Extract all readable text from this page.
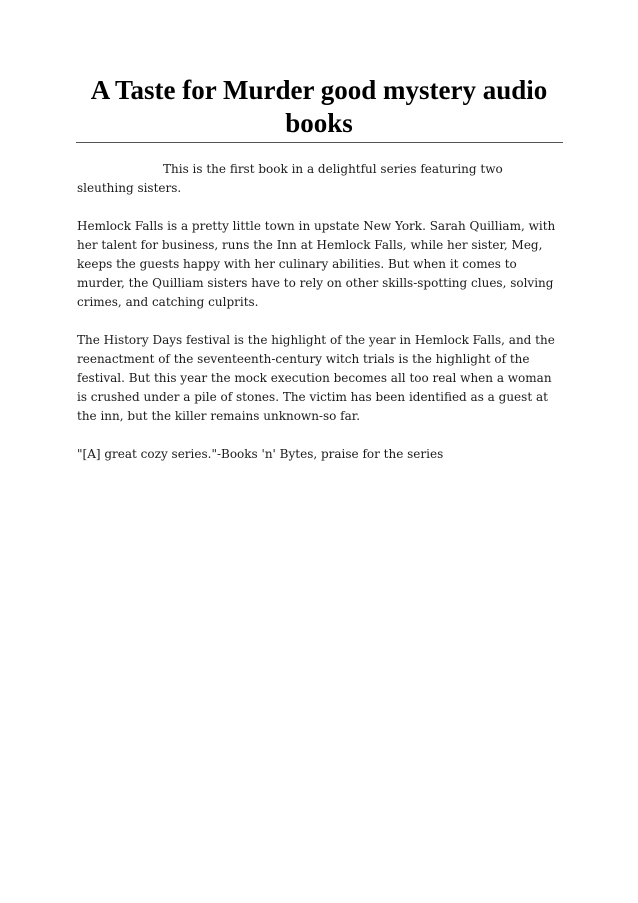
A Taste for Murder good mystery audio books

This is the first book in a delightful series featuring two sleuthing sisters.

Hemlock Falls is a pretty little town in upstate New York. Sarah Quilliam, with her talent for business, runs the Inn at Hemlock Falls, while her sister, Meg, keeps the guests happy with her culinary abilities. But when it comes to murder, the Quilliam sisters have to rely on other skills-spotting clues, solving crimes, and catching culprits.

The History Days festival is the highlight of the year in Hemlock Falls, and the reenactment of the seventeenth-century witch trials is the highlight of the festival. But this year the mock execution becomes all too real when a woman is crushed under a pile of stones. The victim has been identified as a guest at the inn, but the killer remains unknown-so far.

"[A] great cozy series."-Books 'n' Bytes, praise for the series
